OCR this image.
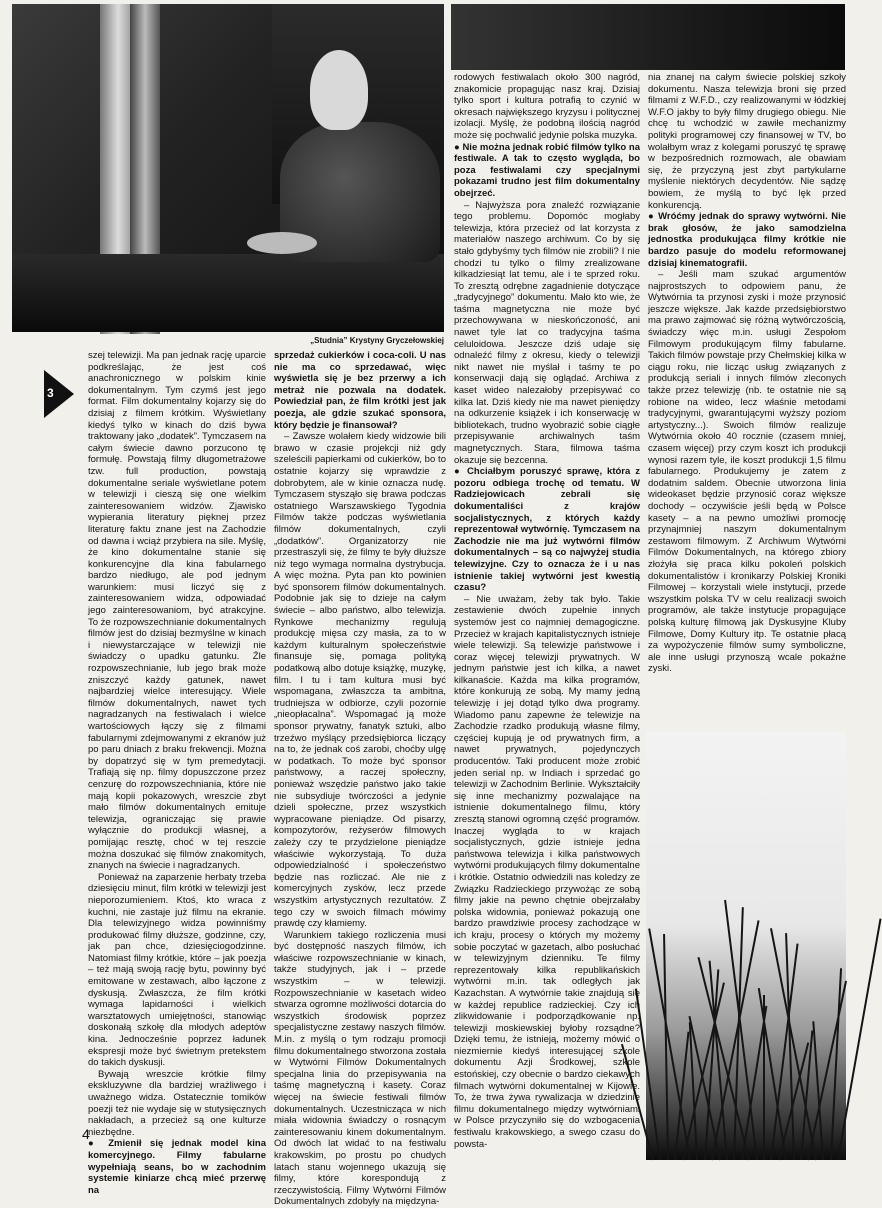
„Studnia” Krystyny Gryczełowskiej
3

szej telewizji. Ma pan jednak rację uparcie podkreślając, że jest coś anachronicznego w polskim kinie dokumentalnym. Tym czymś jest jego format. Film dokumentalny kojarzy się do dzisiaj z filmem krótkim. Wyświetlany kiedyś tylko w kinach do dziś bywa traktowany jako „dodatek”. Tymczasem na całym świecie dawno porzucono tę formułę. Powstają filmy długometrażowe tzw. full production, powstają dokumentalne seriale wyświetlane potem w telewizji i cieszą się one wielkim zainteresowaniem widzów. Zjawisko wypierania literatury pięknej przez literaturę faktu znane jest na Zachodzie od dawna i wciąż przybiera na sile. Myślę, że kino dokumentalne stanie się konkurencyjne dla kina fabularnego bardzo niedługo, ale pod jednym warunkiem: musi liczyć się z zainteresowaniem widza, odpowiadać jego zainteresowaniom, być atrakcyjne. To że rozpowszechnianie dokumentalnych filmów jest do dzisiaj bezmyślne w kinach i niewystarczające w telewizji nie świadczy o upadku gatunku. Źle rozpowszechnianie, lub jego brak może zniszczyć każdy gatunek, nawet najbardziej wielce interesujący. Wiele filmów dokumentalnych, nawet tych nagradzanych na festiwalach i wielce wartościowych łączy się z filmami fabularnymi zdejmowanymi z ekranów już po paru dniach z braku frekwencji. Można by dopatrzyć się w tym premedytacji. Trafiają się np. filmy dopuszczone przez cenzurę do rozpowszechniania, które nie mają kopii pokazowych, wreszcie zbyt mało filmów dokumentalnych emituje telewizja, ograniczając się prawie wyłącznie do produkcji własnej, a pomijając resztę, choć w tej reszcie można doszukać się filmów znakomitych, znanych na świecie i nagradzanych.

Ponieważ na zaparzenie herbaty trzeba dziesięciu minut, film krótki w telewizji jest nieporozumieniem. Ktoś, kto wraca z kuchni, nie zastaje już filmu na ekranie. Dla telewizyjnego widza powinniśmy produkować filmy dłuższe, godzinne, czy, jak pan chce, dziesięciogodzinne. Natomiast filmy krótkie, które – jak poezja – też mają swoją rację bytu, powinny być emitowane w zestawach, albo łączone z dyskusją. Zwłaszcza, że film krótki wymaga lapidarności i wielkich warsztatowych umiejętności, stanowiąc doskonałą szkołę dla młodych adeptów kina. Jednocześnie poprzez ładunek ekspresji może być świetnym pretekstem do takich dyskusji.

Bywają wreszcie krótkie filmy ekskluzywne dla bardziej wrażliwego i uważnego widza. Ostatecznie tomików poezji też nie wydaje się w stutysięcznych nakładach, a przecież są one kulturze niezbędne.

● Zmienił się jednak model kina komercyjnego. Filmy fabularne wypełniają seans, bo w zachodnim systemie kiniarze chcą mieć przerwę na

sprzedaż cukierków i coca-coli. U nas nie ma co sprzedawać, więc wyświetla się je bez przerwy a ich metraż nie pozwala na dodatek. Powiedział pan, że film krótki jest jak poezja, ale gdzie szukać sponsora, który będzie je finansował?

– Zawsze wolałem kiedy widzowie bili brawo w czasie projekcji niż gdy szeleścili papierkami od cukierków, bo to ostatnie kojarzy się wprawdzie z dobrobytem, ale w kinie oznacza nudę. Tymczasem stysząło się brawa podczas ostatniego Warszawskiego Tygodnia Filmów także podczas wyświetlania filmów dokumentalnych, czyli „dodatków”. Organizatorzy nie przestraszyli się, że filmy te były dłuższe niż tego wymaga normalna dystrybucja. A więc można. Pyta pan kto powinien być sponsorem filmów dokumentalnych. Podobnie jak się to dzieje na całym świecie – albo państwo, albo telewizja. Rynkowe mechanizmy regulują produkcję mięsa czy masła, za to w każdym kulturalnym społeczeństwie finansuje się, pomaga polityką podatkową albo dotuje książkę, muzykę, film. I tu i tam kultura musi być wspomagana, zwłaszcza ta ambitna, trudniejsza w odbiorze, czyli pozornie „nieopłacalna”. Wspomagać ją może sponsor prywatny, fanatyk sztuki, albo trzeźwo myślący przedsiębiorca liczący na to, że jednak coś zarobi, choćby ulgę w podatkach. To może być sponsor państwowy, a raczej społeczny, ponieważ wszędzie państwo jako takie nie subsydiuje twórczości a jedynie dzieli społeczne, przez wszystkich wypracowane pieniądze. Od pisarzy, kompozytorów, reżyserów filmowych zależy czy te przydzielone pieniądze właściwie wykorzystają. To duża odpowiedzialność i społeczeństwo będzie nas rozliczać. Ale nie z komercyjnych zysków, lecz przede wszystkim artystycznych rezultatów. Z tego czy w swoich filmach mówimy prawdę czy kłamiemy.

Warunkiem takiego rozliczenia musi być dostępność naszych filmów, ich właściwe rozpowszechnianie w kinach, także studyjnych, jak i – przede wszystkim – w telewizji. Rozpowszechnianie w kasetach wideo stwarza ogromne możliwości dotarcia do wszystkich środowisk poprzez specjalistyczne zestawy naszych filmów. M.in. z myślą o tym rodzaju promocji filmu dokumentalnego stworzona została w Wytwórni Filmów Dokumentalnych specjalna linia do przepisywania na taśmę magnetyczną i kasety. Coraz więcej na świecie festiwali filmów dokumentalnych. Uczestnicząca w nich miała widownia świadczy o rosnącym zainteresowaniu kinem dokumentalnym. Od dwóch lat widać to na festiwalu krakowskim, po prostu po chudych latach stanu wojennego ukazują się filmy, które korespondują z rzeczywistością. Filmy Wytwórni Filmów Dokumentalnych zdobyły na międzyna-

rodowych festiwalach około 300 nagród, znakomicie propagując nasz kraj. Dzisiaj tylko sport i kultura potrafią to czynić w okresach największego kryzysu i politycznej izolacji. Myślę, że podobną ilością nagród może się pochwalić jedynie polska muzyka.

● Nie można jednak robić filmów tylko na festiwale. A tak to często wygląda, bo poza festiwalami czy specjalnymi pokazami trudno jest film dokumentalny obejrzeć.

– Najwyższa pora znaleźć rozwiązanie tego problemu. Dopomóc mogłaby telewizja, która przecież od lat korzysta z materiałów naszego archiwum. Co by się stało gdybyśmy tych filmów nie zrobili? I nie chodzi tu tylko o filmy zrealizowane kilkadziesiąt lat temu, ale i te sprzed roku. To zresztą odrębne zagadnienie dotyczące „tradycyjnego” dokumentu. Mało kto wie, że taśma magnetyczna nie może być przechowywana w nieskończoność, ani nawet tyle lat co tradycyjna taśma celuloidowa. Jeszcze dziś udaje się odnaleźć filmy z okresu, kiedy o telewizji nikt nawet nie myślał i taśmy te po konserwacji dają się oglądać. Archiwa z kaset wideo nalezałoby przepisywać co kilka lat. Dziś kiedy nie ma nawet pieniędzy na odkurzenie książek i ich konserwację w bibliotekach, trudno wyobrazić sobie ciągłe przepisywanie archiwalnych taśm magnetycznych. Stara, filmowa taśma okazuje się bezcenna.

● Chciałbym poruszyć sprawę, która z pozoru odbiega trochę od tematu. W Radziejowicach zebrali się dokumentaliści z krajów socjalistycznych, z których każdy reprezentował wytwórnię. Tymczasem na Zachodzie nie ma już wytwórni filmów dokumentalnych – są co najwyżej studia telewizyjne. Czy to oznacza że i u nas istnienie takiej wytwórni jest kwestią czasu?

– Nie uważam, żeby tak było. Takie zestawienie dwóch zupełnie innych systemów jest co najmniej demagogiczne. Przecież w krajach kapitalistycznych istnieje wiele telewizji. Są telewizje państwowe i coraz więcej telewizji prywatnych. W jednym państwie jest ich kilka, a nawet kilkanaście. Każda ma kilka programów, które konkurują ze sobą. My mamy jedną telewizję i jej dotąd tylko dwa programy. Wiadomo panu zapewne że telewizje na Zachodzie rzadko produkują własne filmy, częściej kupują je od prywatnych firm, a nawet prywatnych, pojedynczych producentów. Taki producent może zrobić jeden serial np. w Indiach i sprzedać go telewizji w Zachodnim Berlinie. Wykształciły się inne mechanizmy pozwalające na istnienie dokumentalnego filmu, który zresztą stanowi ogromną część programów. Inaczej wygląda to w krajach socjalistycznych, gdzie istnieje jedna państwowa telewizja i kilka państwowych wytwórni produkujących filmy dokumentalne i krótkie. Ostatnio odwiedzili nas koledzy ze Związku Radzieckiego przywożąc ze sobą filmy jakie na pewno chętnie obejrzałaby polska widownia, ponieważ pokazują one bardzo prawdziwie procesy zachodzące w ich kraju, procesy o których my możemy sobie poczytać w gazetach, albo posłuchać w telewizyjnym dzienniku. Te filmy reprezentowały kilka republikańskich wytwórni m.in. tak odległych jak Kazachstan. A wytwórnie takie znajdują się w każdej republice radzieckiej. Czy ich zlikwidowanie i podporządkowanie np. telewizji moskiewskiej byłoby rozsądne? Dzięki temu, że istnieją, możemy mówić o niezmiernie kiedyś interesującej szkole dokumentu Azji Środkowej, szkole estońskiej, czy obecnie o bardzo ciekawych filmach wytwórni dokumentalnej w Kijowie. To, że trwa żywa rywalizacja w dziedzinie filmu dokumentalnego między wytwórniami w Polsce przyczyniło się do wzbogacenia festiwalu krakowskiego, a swego czasu do powsta-

nia znanej na całym świecie polskiej szkoły dokumentu. Nasza telewizja broni się przed filmami z W.F.D., czy realizowanymi w łódzkiej W.F.O jakby to były filmy drugiego obiegu. Nie chcę tu wchodzić w zawiłe mechanizmy polityki programowej czy finansowej w TV, bo wolałbym wraz z kolegami poruszyć tę sprawę w bezpośrednich rozmowach, ale obawiam się, że przyczyną jest zbyt partykularne myślenie niektórych decydentów. Nie sądzę bowiem, że myślą to być lęk przed konkurencją.

● Wróćmy jednak do sprawy wytwórni. Nie brak głosów, że jako samodzielna jednostka produkująca filmy krótkie nie bardzo pasuje do modelu reformowanej dzisiaj kinematografii.

– Jeśli mam szukać argumentów najprostszych to odpowiem panu, że Wytwórnia ta przynosi zyski i może przynosić jeszcze większe. Jak każde przedsiębiorstwo ma prawo zajmować się różną wytwórczością, świadczy więc m.in. usługi Zespołom Filmowym produkującym filmy fabularne. Takich filmów powstaje przy Chełmskiej kilka w ciągu roku, nie licząc usług związanych z produkcją seriali i innych filmów zleconych także przez telewizję (nb. te ostatnie nie są robione na wideo, lecz właśnie metodami tradycyjnymi, gwarantującymi wyższy poziom artystyczny...). Swoich filmów realizuje Wytwórnia około 40 rocznie (czasem mniej, czasem więcej) przy czym koszt ich produkcji wynosi razem tyle, ile koszt produkcji 1,5 filmu fabularnego. Produkujemy je zatem z dodatnim saldem. Obecnie utworzona linia wideokaset będzie przynosić coraz większe dochody – oczywiście jeśli będą w Polsce kasety – a na pewno umożliwi promocję przynajmniej naszym dokumentalnym zestawom filmowym. Z Archiwum Wytwórni Filmów Dokumentalnych, na którego zbiory złożyła się praca kilku pokoleń polskich dokumentalistów i kronikarzy Polskiej Kroniki Filmowej – korzystali wiele instytucji, przede wszystkim polska TV w celu realizacji swoich programów, ale także instytucje propagujące polską kulturę filmową jak Dyskusyjne Kluby Filmowe, Domy Kultury itp. Te ostatnie płacą za wypożyczenie filmów sumy symboliczne, ale inne usługi przynoszą wcale pokaźne zyski.

4
